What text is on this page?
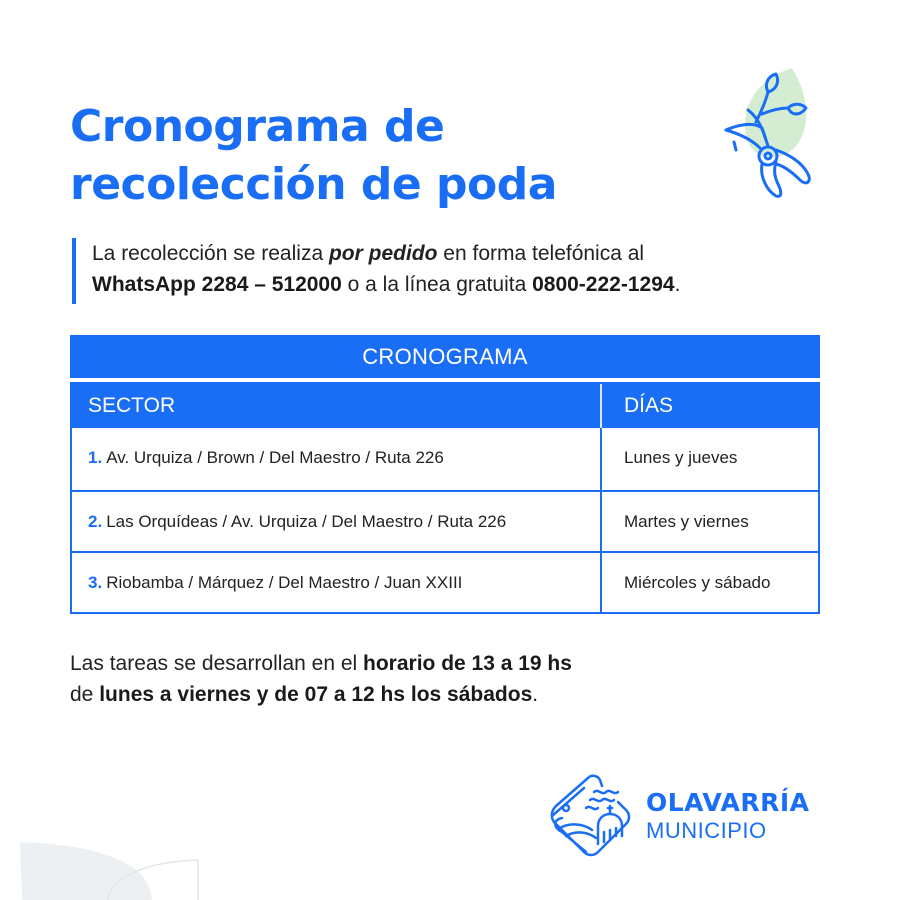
Cronograma de
recolección de poda
La recolección se realiza por pedido en forma telefónica al
WhatsApp 2284 – 512000 o a la línea gratuita 0800-222-1294.
CRONOGRAMA
SECTOR	DÍAS
1. Av. Urquiza / Brown / Del Maestro / Ruta 226	Lunes y jueves
2. Las Orquídeas / Av. Urquiza / Del Maestro / Ruta 226	Martes y viernes
3. Riobamba / Márquez / Del Maestro / Juan XXIII	Miércoles y sábado
Las tareas se desarrollan en el horario de 13 a 19 hs
de lunes a viernes y de 07 a 12 hs los sábados.
OLAVARRÍA
MUNICIPIO
